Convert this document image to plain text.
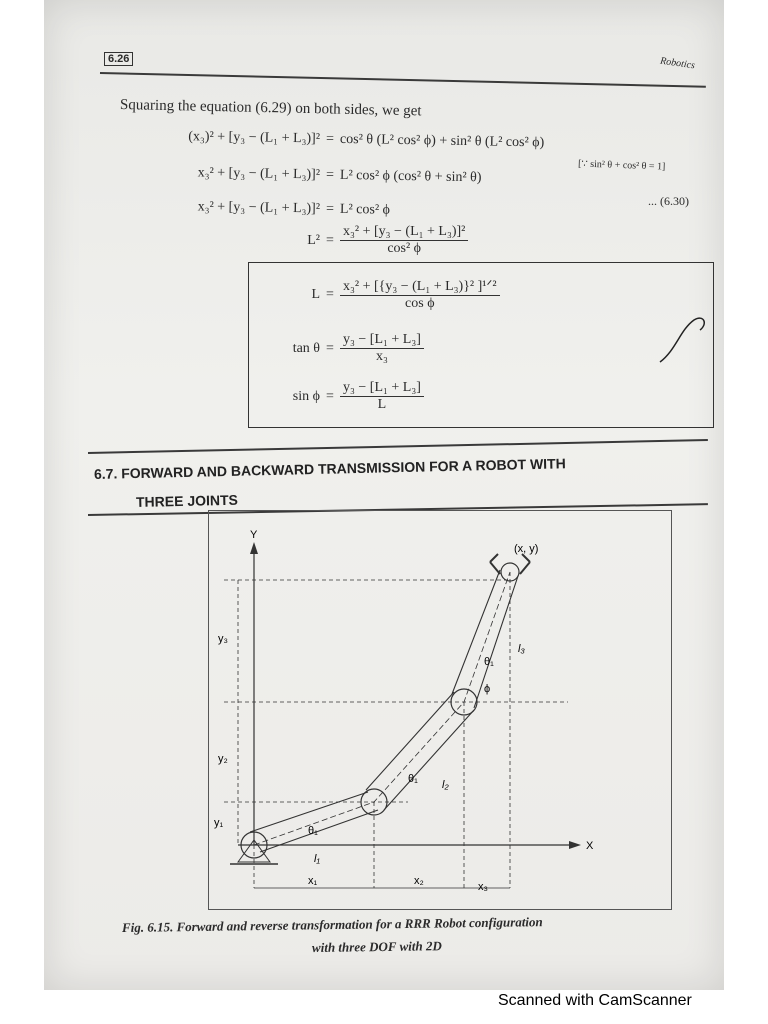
6.26	Robotics
Squaring the equation (6.29) on both sides, we get
(x₃)² + [y₃ − (L₁ + L₃)]² = cos² θ (L² cos² ϕ) + sin² θ (L² cos² ϕ)
x₃² + [y₃ − (L₁ + L₃)]² = L² cos² ϕ (cos² θ + sin² θ)
[∵ sin² θ + cos² θ = 1]
x₃² + [y₃ − (L₁ + L₃)]² = L² cos² ϕ
... (6.30)
$L^2 = \frac{\text{x₃² + [y₃ − (L₁ + L₃)]²}}{\text{cos² ϕ}}$
$L = \frac{\text{x₃² + [\{y₃ − (L₁ + L₃)\}² ]¹ᐟ²}}{\text{cos ϕ}}$
$\tan \theta = \frac{\text{y₃ − [L₁ + L₃]}}{\text{x₃}}$
$\sin \phi = \frac{\text{y₃ − [L₁ + L₃]}}{L}$
6.7. FORWARD AND BACKWARD TRANSMISSION FOR A ROBOT WITH
THREE JOINTS
Y
X
(x, y)
y₃
y₂
y₁
x₁	x₂	x₃
l₁
l₂
l₃
θ₁
θ₁
θ₁
ϕ
Fig. 6.15. Forward and reverse transformation for a RRR Robot configuration
with three DOF with 2D
Scanned with CamScanner
